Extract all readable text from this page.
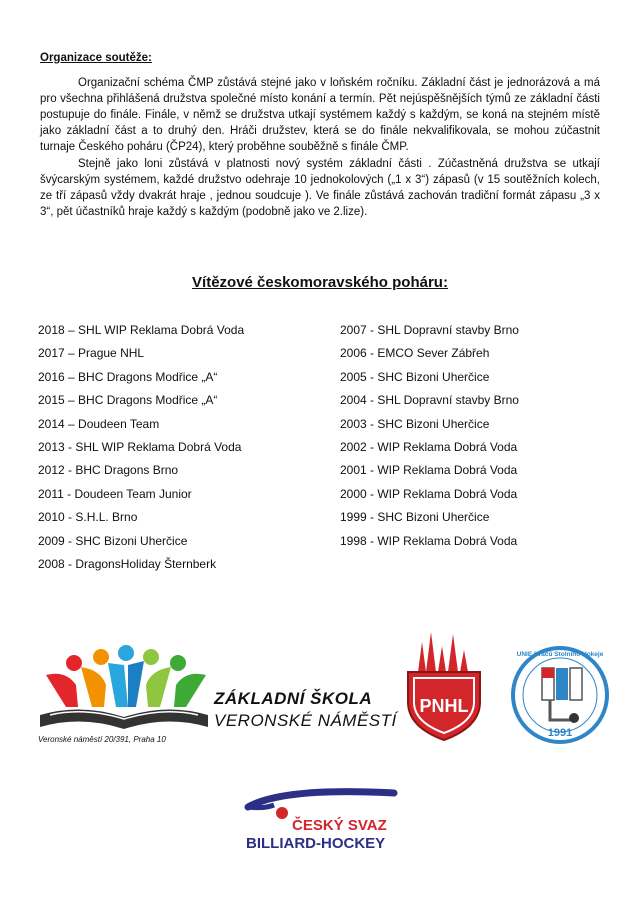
Organizace soutěže:

Organizační schéma ČMP zůstává stejné jako v loňském ročníku. Základní část je jednorázová a má pro všechna přihlášená družstva společné místo konání a termín. Pět nejúspěšnějších týmů ze základní části postupuje do finále. Finále, v němž se družstva utkají systémem každý s každým, se koná na stejném místě jako základní část a to druhý den. Hráči družstev, která se do finále nekvalifikovala, se mohou zúčastnit turnaje Českého poháru (ČP24), který proběhne souběžně s finále ČMP.

Stejně jako loni zůstává v platnosti nový systém základní části . Zúčastněná družstva se utkají švýcarským systémem, každé družstvo odehraje 10 jednokolových („1 x 3“) zápasů (v 15 soutěžních kolech, ze tří zápasů vždy dvakrát hraje , jednou soudcuje ). Ve finále zůstává zachován tradiční formát zápasu „3 x 3“, pět účastníků hraje každý s každým (podobně jako ve 2.lize).

Vítězové českomoravského poháru:
2018 – SHL WIP Reklama Dobrá Voda
2017 – Prague NHL
2016 – BHC Dragons Modřice „A“
2015 – BHC Dragons Modřice „A“
2014 – Doudeen Team
2013 - SHL WIP Reklama Dobrá Voda
2012 - BHC Dragons Brno
2011 - Doudeen Team Junior
2010 - S.H.L. Brno
2009 - SHC Bizoni Uherčice
2008 - DragonsHoliday Šternberk
2007 - SHL Dopravní stavby Brno
2006 - EMCO Sever Zábřeh
2005 - SHC Bizoni Uherčice
2004 - SHL Dopravní stavby Brno
2003 - SHC Bizoni Uherčice
2002 - WIP Reklama Dobrá Voda
2001 - WIP Reklama Dobrá Voda
2000 - WIP Reklama Dobrá Voda
1999 - SHC Bizoni Uherčice
1998 - WIP Reklama Dobrá Voda
ZÁKLADNÍ ŠKOLA
VERONSKÉ NÁMĚSTÍ
Veronské náměstí 20/391, Praha 10
PNHL
1991
UNIE Hráčů Stolního Hokeje
ČESKÝ SVAZ
BILLIARD-HOCKEY
